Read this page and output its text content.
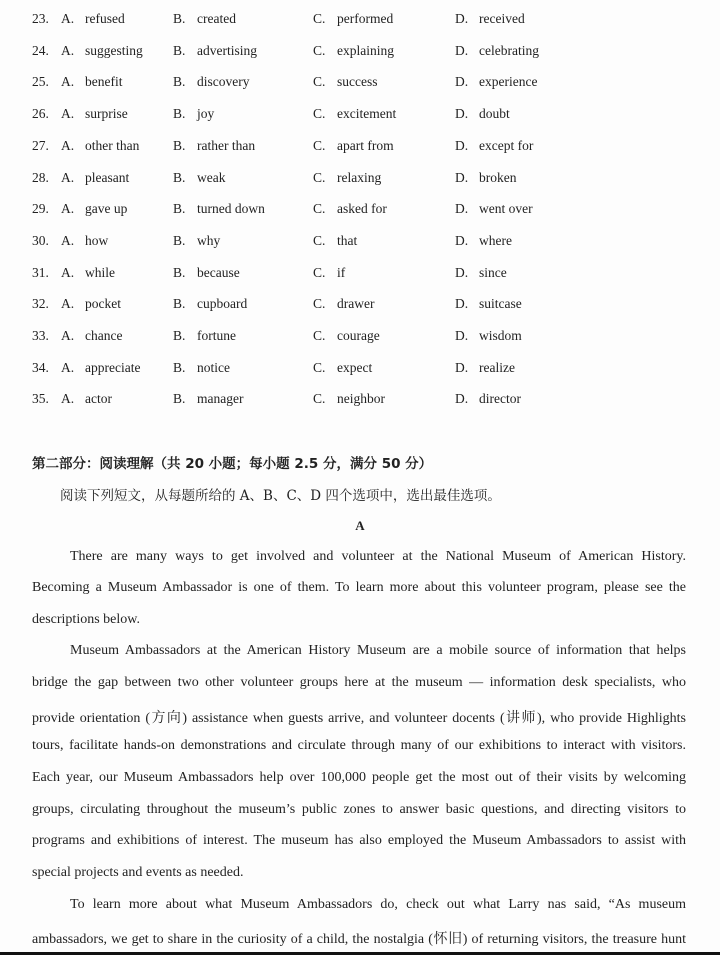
23. A. refused	B. created	C. performed	D. received
24. A. suggesting B. advertising	C. explaining	D. celebrating
25. A. benefit	B. discovery	C. success	D. experience
26. A. surprise	B. joy	C. excitement	D. doubt
27. A. other than B. rather than	C. apart from	D. except for
28. A. pleasant	B. weak	C. relaxing	D. broken
29. A. gave up	B. turned down	C. asked for	D. went over
30. A. how	B. why	C. that	D. where
31. A. while	B. because	C. if	D. since
32. A. pocket	B. cupboard	C. drawer	D. suitcase
33. A. chance	B. fortune	C. courage	D. wisdom
34. A. appreciate B. notice	C. expect	D. realize
35. A. actor	B. manager	C. neighbor	D. director
第二部分：阅读理解（共 20 小题；每小题 2.5 分，满分 50 分）
阅读下列短文，从每题所给的 A、B、C、D 四个选项中，选出最佳选项。
A
There are many ways to get involved and volunteer at the National Museum of American History.
Becoming a Museum Ambassador is one of them. To learn more about this volunteer program, please see the
descriptions below.
Museum Ambassadors at the American History Museum are a mobile source of information that helps
bridge the gap between two other volunteer groups here at the museum — information desk specialists, who
provide orientation (方向) assistance when guests arrive, and volunteer docents (讲师), who provide Highlights
tours, facilitate hands-on demonstrations and circulate through many of our exhibitions to interact with visitors.
Each year, our Museum Ambassadors help over 100,000 people get the most out of their visits by welcoming
groups, circulating throughout the museum’s public zones to answer basic questions, and directing visitors to
programs and exhibitions of interest. The museum has also employed the Museum Ambassadors to assist with
special projects and events as needed.
To learn more about what Museum Ambassadors do, check out what Larry nas said, “As museum
ambassadors, we get to share in the curiosity of a child, the nostalgia (怀旧) of returning visitors, the treasure hunt
